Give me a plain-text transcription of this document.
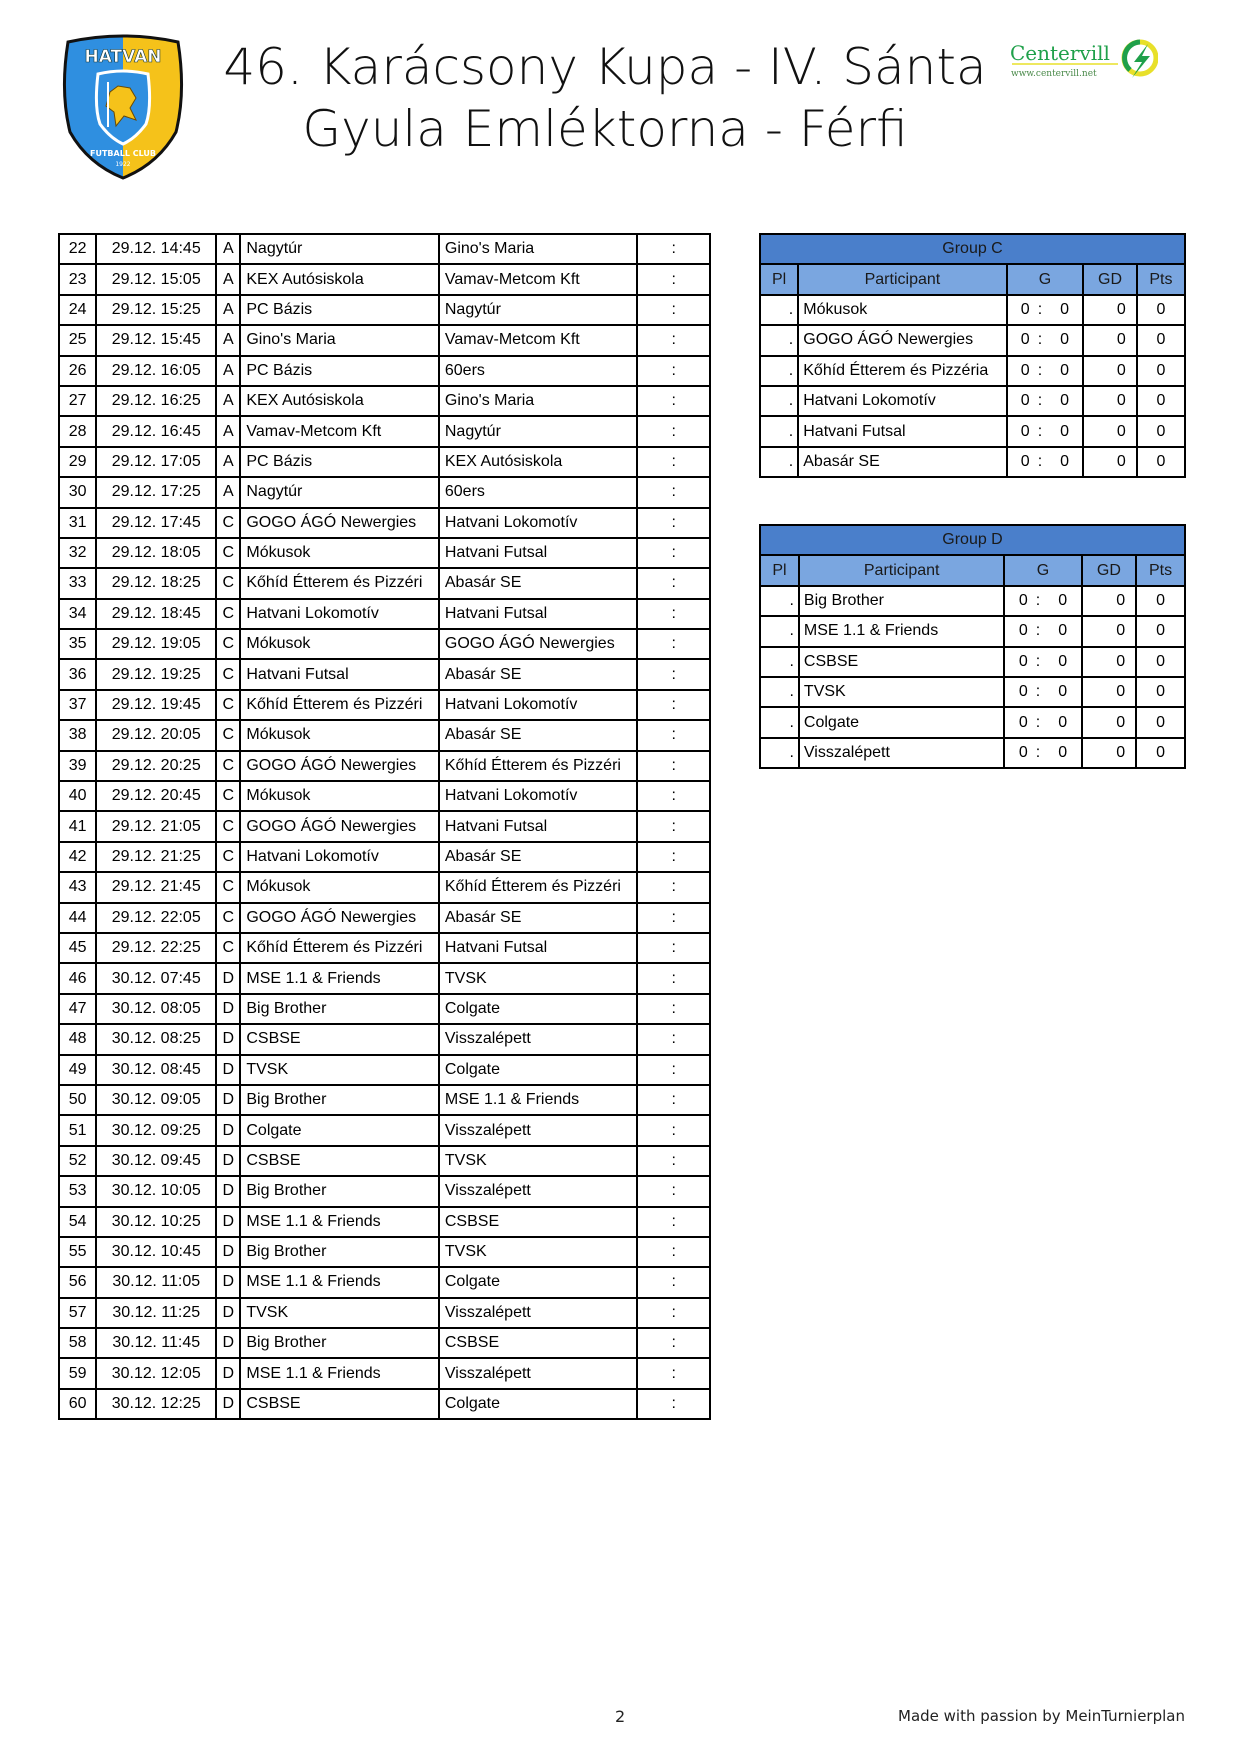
HATVAN
FUTBALL CLUB
1922
46. Karácsony Kupa - IV. Sánta
Gyula Emléktorna - Férfi
Centervill
www.centervill.net
22	29.12. 14:45	A	Nagytúr	Gino's Maria	:
23	29.12. 15:05	A	KEX Autósiskola	Vamav-Metcom Kft	:
24	29.12. 15:25	A	PC Bázis	Nagytúr	:
25	29.12. 15:45	A	Gino's Maria	Vamav-Metcom Kft	:
26	29.12. 16:05	A	PC Bázis	60ers	:
27	29.12. 16:25	A	KEX Autósiskola	Gino's Maria	:
28	29.12. 16:45	A	Vamav-Metcom Kft	Nagytúr	:
29	29.12. 17:05	A	PC Bázis	KEX Autósiskola	:
30	29.12. 17:25	A	Nagytúr	60ers	:
31	29.12. 17:45	C	GOGO ÁGÓ Newergies	Hatvani Lokomotív	:
32	29.12. 18:05	C	Mókusok	Hatvani Futsal	:
33	29.12. 18:25	C	Kőhíd Étterem és Pizzéri	Abasár SE	:
34	29.12. 18:45	C	Hatvani Lokomotív	Hatvani Futsal	:
35	29.12. 19:05	C	Mókusok	GOGO ÁGÓ Newergies	:
36	29.12. 19:25	C	Hatvani Futsal	Abasár SE	:
37	29.12. 19:45	C	Kőhíd Étterem és Pizzéri	Hatvani Lokomotív	:
38	29.12. 20:05	C	Mókusok	Abasár SE	:
39	29.12. 20:25	C	GOGO ÁGÓ Newergies	Kőhíd Étterem és Pizzéri	:
40	29.12. 20:45	C	Mókusok	Hatvani Lokomotív	:
41	29.12. 21:05	C	GOGO ÁGÓ Newergies	Hatvani Futsal	:
42	29.12. 21:25	C	Hatvani Lokomotív	Abasár SE	:
43	29.12. 21:45	C	Mókusok	Kőhíd Étterem és Pizzéri	:
44	29.12. 22:05	C	GOGO ÁGÓ Newergies	Abasár SE	:
45	29.12. 22:25	C	Kőhíd Étterem és Pizzéri	Hatvani Futsal	:
46	30.12. 07:45	D	MSE 1.1 & Friends	TVSK	:
47	30.12. 08:05	D	Big Brother	Colgate	:
48	30.12. 08:25	D	CSBSE	Visszalépett	:
49	30.12. 08:45	D	TVSK	Colgate	:
50	30.12. 09:05	D	Big Brother	MSE 1.1 & Friends	:
51	30.12. 09:25	D	Colgate	Visszalépett	:
52	30.12. 09:45	D	CSBSE	TVSK	:
53	30.12. 10:05	D	Big Brother	Visszalépett	:
54	30.12. 10:25	D	MSE 1.1 & Friends	CSBSE	:
55	30.12. 10:45	D	Big Brother	TVSK	:
56	30.12. 11:05	D	MSE 1.1 & Friends	Colgate	:
57	30.12. 11:25	D	TVSK	Visszalépett	:
58	30.12. 11:45	D	Big Brother	CSBSE	:
59	30.12. 12:05	D	MSE 1.1 & Friends	Visszalépett	:
60	30.12. 12:25	D	CSBSE	Colgate	:
Group C				
Pl	Participant	G	GD	Pts
.	Mókusok	0 : 0	0	0
.	GOGO ÁGÓ Newergies	0 : 0	0	0
.	Kőhíd Étterem és Pizzéria	0 : 0	0	0
.	Hatvani Lokomotív	0 : 0	0	0
.	Hatvani Futsal	0 : 0	0	0
.	Abasár SE	0 : 0	0	0
Group D				
Pl	Participant	G	GD	Pts
.	Big Brother	0 : 0	0	0
.	MSE 1.1 & Friends	0 : 0	0	0
.	CSBSE	0 : 0	0	0
.	TVSK	0 : 0	0	0
.	Colgate	0 : 0	0	0
.	Visszalépett	0 : 0	0	0
2	Made with passion by MeinTurnierplan
